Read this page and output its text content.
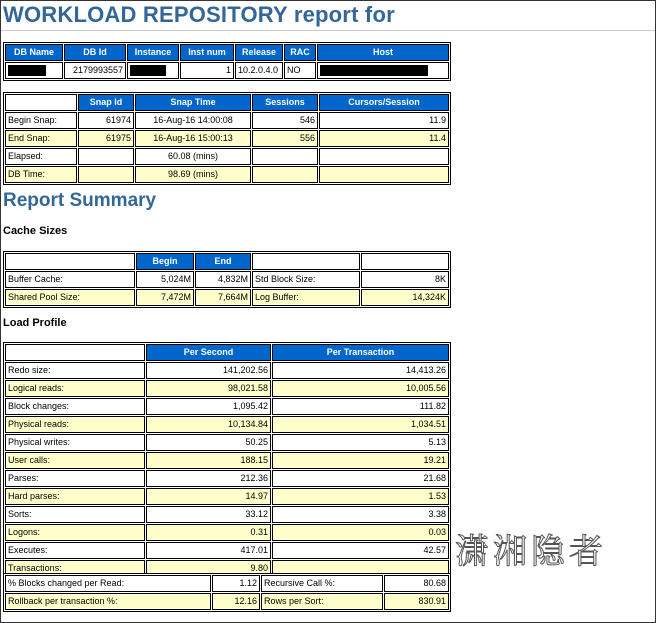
WORKLOAD REPOSITORY report for
DB Name	DB Id	Instance	Inst num	Release	RAC	Host
	2179993557		1	10.2.0.4.0	NO	
	Snap Id	Snap Time	Sessions	Cursors/Session
Begin Snap:	61974	16-Aug-16 14:00:08	546	11.9
End Snap:	61975	16-Aug-16 15:00:13	556	11.4
Elapsed:		60.08 (mins)		
DB Time:		98.69 (mins)		
Report Summary
Cache Sizes
	Begin	End		
Buffer Cache:	5,024M	4,832M	Std Block Size:	8K
Shared Pool Size:	7,472M	7,664M	Log Buffer:	14,324K
Load Profile
	Per Second	Per Transaction
Redo size:	141,202.56	14,413.26
Logical reads:	98,021.58	10,005.56
Block changes:	1,095.42	111.82
Physical reads:	10,134.84	1,034.51
Physical writes:	50.25	5.13
User calls:	188.15	19.21
Parses:	212.36	21.68
Hard parses:	14.97	1.53
Sorts:	33.12	3.38
Logons:	0.31	0.03
Executes:	417.01	42.57
Transactions:	9.80	
% Blocks changed per Read:	1.12	Recursive Call %:	80.68
Rollback per transaction %:	12.16	Rows per Sort:	830.91
潇湘隐者
